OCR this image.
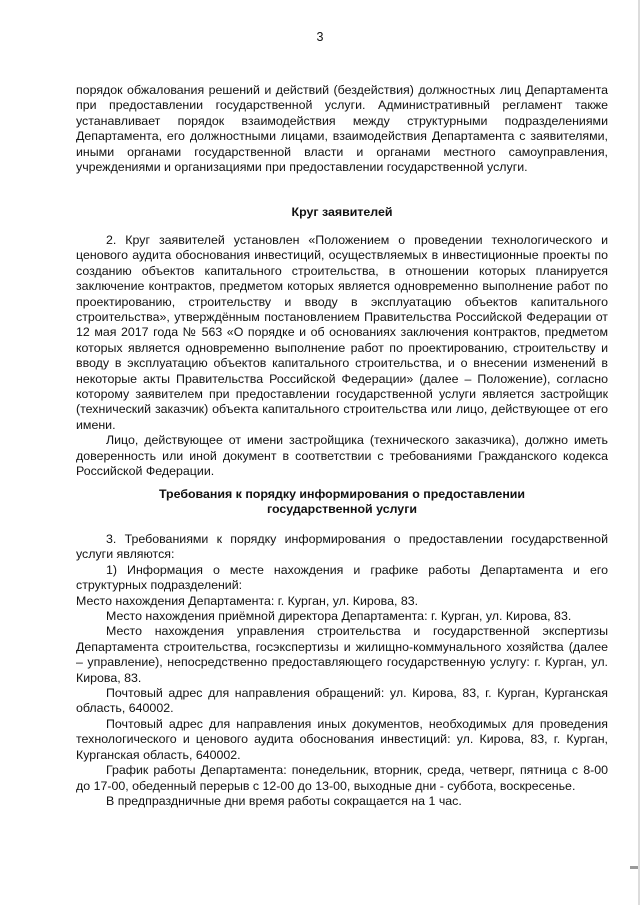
3

порядок обжалования решений и действий (бездействия) должностных лиц Департамента при предоставлении государственной услуги. Административный регламент также устанавливает порядок взаимодействия между структурными подразделениями Департамента, его должностными лицами, взаимодействия Департамента с заявителями, иными органами государственной власти и органами местного самоуправления, учреждениями и организациями при предоставлении государственной услуги.

Круг заявителей

2. Круг заявителей установлен «Положением о проведении технологического и ценового аудита обоснования инвестиций, осуществляемых в инвестиционные проекты по созданию объектов капитального строительства, в отношении которых планируется заключение контрактов, предметом которых является одновременно выполнение работ по проектированию, строительству и вводу в эксплуатацию объектов капитального строительства», утверждённым постановлением Правительства Российской Федерации от 12 мая 2017 года № 563 «О порядке и об основаниях заключения контрактов, предметом которых является одновременно выполнение работ по проектированию, строительству и вводу в эксплуатацию объектов капитального строительства, и о внесении изменений в некоторые акты Правительства Российской Федерации» (далее – Положение), согласно которому заявителем при предоставлении государственной услуги является застройщик (технический заказчик) объекта капитального строительства или лицо, действующее от его имени.

Лицо, действующее от имени застройщика (технического заказчика), должно иметь доверенность или иной документ в соответствии с требованиями Гражданского кодекса Российской Федерации.

Требования к порядку информирования о предоставлении

государственной услуги

3. Требованиями к порядку информирования о предоставлении государственной услуги являются:

1) Информация о месте нахождения и графике работы Департамента и его структурных подразделений:

Место нахождения Департамента: г. Курган, ул. Кирова, 83.

Место нахождения приёмной директора Департамента: г. Курган, ул. Кирова, 83.

Место нахождения управления строительства и государственной экспертизы Департамента строительства, госэкспертизы и жилищно-коммунального хозяйства (далее – управление), непосредственно предоставляющего государственную услугу: г. Курган, ул. Кирова, 83.

Почтовый адрес для направления обращений: ул. Кирова, 83, г. Курган, Курганская область, 640002.

Почтовый адрес для направления иных документов, необходимых для проведения технологического и ценового аудита обоснования инвестиций: ул. Кирова, 83, г. Курган, Курганская область, 640002.

График работы Департамента: понедельник, вторник, среда, четверг, пятница с 8-00 до 17-00, обеденный перерыв с 12-00 до 13-00, выходные дни - суббота, воскресенье.

В предпраздничные дни время работы сокращается на 1 час.
